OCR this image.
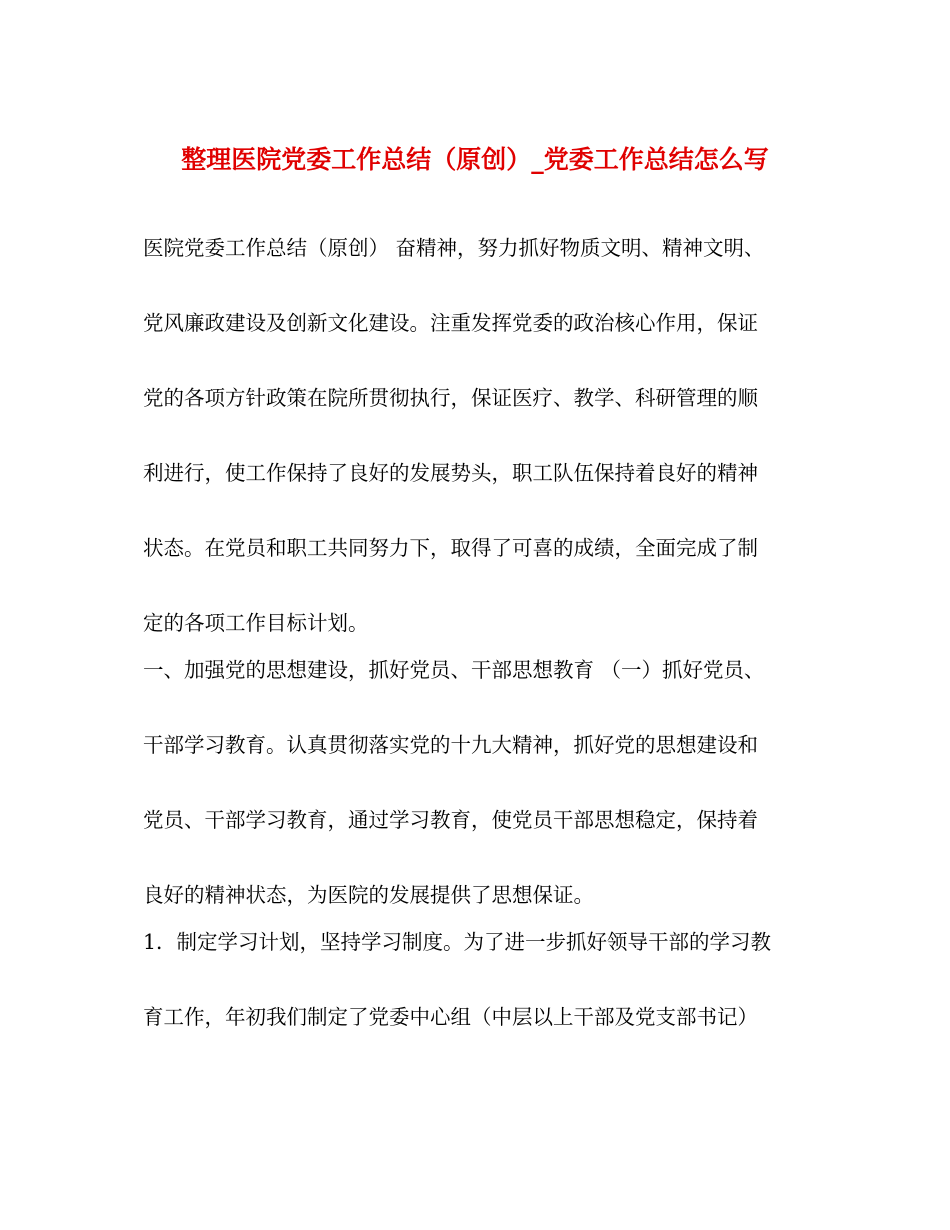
整理医院党委工作总结（原创）_党委工作总结怎么写
医院党委工作总结（原创） 奋精神，努力抓好物质文明、精神文明、
党风廉政建设及创新文化建设。注重发挥党委的政治核心作用，保证
党的各项方针政策在院所贯彻执行，保证医疗、教学、科研管理的顺
利进行，使工作保持了良好的发展势头，职工队伍保持着良好的精神
状态。在党员和职工共同努力下，取得了可喜的成绩，全面完成了制
定的各项工作目标计划。
一、加强党的思想建设，抓好党员、干部思想教育 （一）抓好党员、
干部学习教育。认真贯彻落实党的十九大精神，抓好党的思想建设和
党员、干部学习教育，通过学习教育，使党员干部思想稳定，保持着
良好的精神状态，为医院的发展提供了思想保证。
1．制定学习计划，坚持学习制度。为了进一步抓好领导干部的学习教
育工作，年初我们制定了党委中心组（中层以上干部及党支部书记）
